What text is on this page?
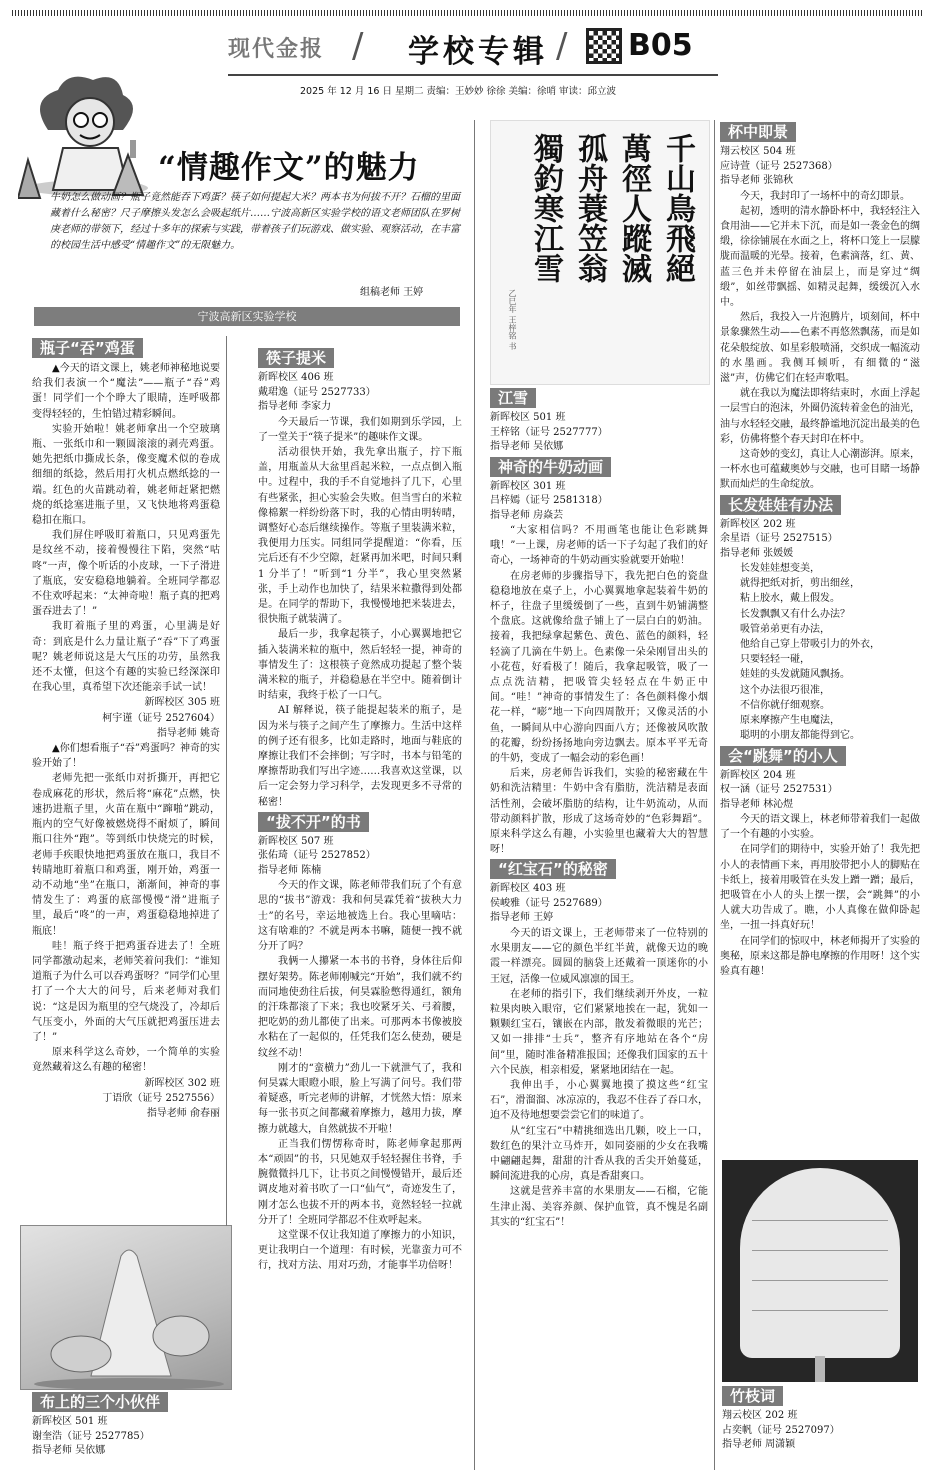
现代金报 / 学校专辑 / B05
2025 年 12 月 16 日 星期二 责编：王妙妙 徐徐 美编：徐哨 审读：邱立波
“情趣作文”的魅力
牛奶怎么做动画？瓶子竟然能吞下鸡蛋？筷子如何提起大米？两本书为何拔不开？石榴的里面藏着什么秘密？尺子摩擦头发怎么会吸起纸片……宁波高新区实验学校的语文老师团队在罗树庚老师的带领下，经过十多年的探索与实践，带着孩子们玩游戏、做实验、观察活动，在丰富的校园生活中感受“情趣作文”的无限魅力。
组稿老师 王婷
宁波高新区实验学校
瓶子“吞”鸡蛋

▲今天的语文课上，姚老师神秘地说要给我们表演一个“魔法”——瓶子“吞”鸡蛋！同学们一个个睁大了眼睛，连呼吸都变得轻轻的，生怕错过精彩瞬间。

实验开始啦！姚老师拿出一个空玻璃瓶、一张纸巾和一颗圆滚滚的剥壳鸡蛋。她先把纸巾撕成长条，像变魔术似的卷成细细的纸捻，然后用打火机点燃纸捻的一端。红色的火苗跳动着，姚老师赶紧把燃烧的纸捻塞进瓶子里，又飞快地将鸡蛋稳稳扣在瓶口。

我们屏住呼吸盯着瓶口，只见鸡蛋先是纹丝不动，接着慢慢往下陷，突然“咕咚”一声，像个听话的小皮球，一下子滑进了瓶底，安安稳稳地躺着。全班同学都忍不住欢呼起来：“太神奇啦！瓶子真的把鸡蛋吞进去了！”

我盯着瓶子里的鸡蛋，心里满是好奇：到底是什么力量让瓶子“吞”下了鸡蛋呢？姚老师说这是大气压的功劳，虽然我还不太懂，但这个有趣的实验已经深深印在我心里，真希望下次还能亲手试一试！

新晖校区 305 班

柯宇谨（证号 2527604）

指导老师 姚奇

▲你们想看瓶子“吞”鸡蛋吗？神奇的实验开始了！

老师先把一张纸巾对折撕开，再把它卷成麻花的形状，然后将“麻花”点燃，快速扔进瓶子里，火苗在瓶中“蹿啪”跳动，瓶内的空气好像被燃烧得不耐烦了，瞬间瓶口往外“跑”。等到纸巾快烧完的时候，老师手疾眼快地把鸡蛋放在瓶口，我目不转睛地盯着瓶口和鸡蛋，刚开始，鸡蛋一动不动地“坐”在瓶口，渐渐间，神奇的事情发生了：鸡蛋的底部慢慢“滑”进瓶子里，最后“咚”的一声，鸡蛋稳稳地掉进了瓶底！

哇！瓶子终于把鸡蛋吞进去了！全班同学都激动起来，老师笑着问我们：“谁知道瓶子为什么可以吞鸡蛋呀？”同学们心里打了一个大大的问号，后来老师对我们说：“这是因为瓶里的空气烧没了，冷却后气压变小，外面的大气压就把鸡蛋压进去了！”

原来科学这么奇妙，一个简单的实验竟然藏着这么有趣的秘密！

新晖校区 302 班

丁语欣（证号 2527556）

指导老师 俞春丽

布上的三个小伙伴

新晖校区 501 班

谢奎浩（证号 2527785）

指导老师 吴依娜

筷子提米

新晖校区 406 班

戴珺逸（证号 2527733）

指导老师 李家力

今天最后一节课，我们如期到乐学园，上了一堂关于“筷子提米”的趣味作文课。

活动很快开始，我先拿出瓶子，拧下瓶盖，用瓶盖从大盆里舀起米粒，一点点倒入瓶中。过程中，我的手不自觉地抖了几下，心里有些紧张，担心实验会失败。但当雪白的米粒像棉絮一样纷纷落下时，我的心情由明转晴，调整好心态后继续操作。等瓶子里装满米粒，我便用力压实。同组同学提醒道：“你看，压完后还有不少空隙，赶紧再加米吧，时间只剩 1 分半了！”听到“1 分半”，我心里突然紧张，手上动作也加快了，结果米粒撒得到处都是。在同学的帮助下，我慢慢地把米装进去，很快瓶子就装满了。

最后一步，我拿起筷子，小心翼翼地把它插入装满米粒的瓶中，然后轻轻一提，神奇的事情发生了：这根筷子竟然成功提起了整个装满米粒的瓶子，并稳稳悬在半空中。随着倒计时结束，我终于松了一口气。

AI 解释说，筷子能提起装米的瓶子，是因为米与筷子之间产生了摩擦力。生活中这样的例子还有很多，比如走路时，地面与鞋底的摩擦让我们不会摔倒；写字时，书本与铅笔的摩擦帮助我们写出字迹……我喜欢这堂课，以后一定会努力学习科学，去发现更多不寻常的秘密！

“拔不开”的书

新晖校区 507 班

张佑琦（证号 2527852）

指导老师 陈楠

今天的作文课，陈老师带我们玩了个有意思的“拔书”游戏：我和何昊霖凭着“拔秧大力士”的名号，幸运地被选上台。我心里嘀咕：这有啥难的？不就是两本书嘛，随便一拽不就分开了吗？

我俩一人攥紧一本书的书脊，身体往后仰摆好架势。陈老师刚喊完“开始”，我们就不约而同地使劲往后拔，何昊霖脸憋得通红，额角的汗珠都滚了下来；我也咬紧牙关、弓着腰，把吃奶的劲儿都使了出来。可那两本书像被胶水粘在了一起似的，任凭我们怎么使劲，硬是纹丝不动！

刚才的“蛮横力”劲儿一下就泄气了，我和何昊霖大眼瞪小眼，脸上写满了问号。我们带着疑惑，听完老师的讲解，才恍然大悟：原来每一张书页之间都藏着摩擦力，越用力拔，摩擦力就越大，自然就拔不开啦！

正当我们愣愣称奇时，陈老师拿起那两本“顽固”的书，只见她双手轻轻握住书脊，手腕微微抖几下，让书页之间慢慢错开，最后还调皮地对着书吹了一口“仙气”，奇迹发生了，刚才怎么也拔不开的两本书，竟然轻轻一拉就分开了！全班同学都忍不住欢呼起来。

这堂课不仅让我知道了摩擦力的小知识，更让我明白一个道理：有时候，光靠蛮力可不行，找对方法、用对巧劲，才能事半功倍呀！

千山鳥飛絕
萬徑人蹤滅
孤舟蓑笠翁
獨釣寒江雪
乙巳年 王梓铭 书
江雪

新晖校区 501 班

王梓铭（证号 2527777）

指导老师 吴依娜

神奇的牛奶动画

新晖校区 301 班

吕梓嫣（证号 2581318）

指导老师 房焱芸

“大家相信吗？不用画笔也能让色彩跳舞哦！”一上课，房老师的话一下子勾起了我们的好奇心，一场神奇的牛奶动画实验就要开始啦！

在房老师的步骤指导下，我先把白色的瓷盘稳稳地放在桌子上，小心翼翼地拿起装着牛奶的杯子，往盘子里缓缓倒了一些，直到牛奶铺满整个盘底。这就像给盘子铺上了一层白白的奶油。接着，我把绿拿起紫色、黄色、蓝色的颜料，轻轻滴了几滴在牛奶上。色素像一朵朵刚冒出头的小花苞，好看极了！随后，我拿起吸管，吸了一点点洗洁精，把吸管尖轻轻点在牛奶正中间。“哇！”神奇的事情发生了：各色颜料像小烟花一样，“嘭”地一下向四周散开；又像灵活的小鱼，一瞬间从中心游向四面八方；还像被风吹散的花瓣，纷纷扬扬地向旁边飘去。原本平平无奇的牛奶，变成了一幅会动的彩色画！

后来，房老师告诉我们，实验的秘密藏在牛奶和洗洁精里：牛奶中含有脂肪，洗洁精是表面活性剂，会破坏脂肪的结构，让牛奶流动，从而带动颜料扩散，形成了这场奇妙的“色彩舞蹈”。原来科学这么有趣，小实验里也藏着大大的智慧呀！

“红宝石”的秘密

新晖校区 403 班

侯峻雅（证号 2527689）

指导老师 王婷

今天的语文课上，王老师带来了一位特别的水果朋友——它的颜色半红半黄，就像天边的晚霞一样漂亮。圆圆的脑袋上还戴着一顶迷你的小王冠，活像一位威风凛凛的国王。

在老师的指引下，我们继续剥开外皮，一粒粒果肉映入眼帘，它们紧紧地挨在一起，犹如一颗颗红宝石，镶嵌在内部，散发着微眼的光芒；又如一排排“士兵”，整齐有序地站在各个“房间”里，随时准备精准报国；还像我们国家的五十六个民族，相亲相爱，紧紧地团结在一起。

我伸出手，小心翼翼地摸了摸这些“红宝石”，滑溜溜、冰凉凉的，我忍不住吞了吞口水，迫不及待地想要尝尝它们的味道了。

从“红宝石”中精挑细选出几颗，咬上一口，数红色的果汁立马炸开，如同姿丽的少女在我嘴中翩翩起舞，甜甜的汁香从我的舌尖开始蔓延，瞬间流进我的心房，真是香甜爽口。

这就是营养丰富的水果朋友——石榴，它能生津止渴、美容养颜、保护血管，真不愧是名副其实的“红宝石”！

杯中即景

翔云校区 504 班

应诗萱（证号 2527368）

指导老师 张锦秋

今天，我封印了一场杯中的奇幻即景。

起初，透明的清水静卧杯中，我轻轻注入食用油——它并未下沉，而是如一袭金色的绸缎，徐徐铺展在水面之上，将杯口笼上一层朦胧而温暖的光晕。接着，色素滴落，红、黄、蓝三色并未停留在油层上，而是穿过“绸缎”，如丝带飘摇、如精灵起舞，缓缓沉入水中。

然后，我投入一片泡腾片，顷刻间，杯中景象骤然生动——色素不再悠然飘荡，而是如花朵般绽放、如星彩般喷涌，交织成一幅流动的水墨画。我侧耳倾听，有细微的“滋滋”声，仿佛它们在轻声歌唱。

就在我以为魔法即将结束时，水面上浮起一层雪白的泡沫，外圈仍流转着金色的油光，油与水轻轻交融，最终静谧地沉淀出最美的色彩，仿佛将整个春天封印在杯中。

这奇妙的变幻，真让人心潮澎湃。原来，一杯水也可蕴藏奥妙与交融，也可目睹一场静默而灿烂的生命绽放。

长发娃娃有办法

新晖校区 202 班

余星语（证号 2527515）

指导老师 张媛媛

长发娃娃想变美，

就得把纸对折，剪出细丝，

粘上胶水，戴上假发。

长发飘飘又有什么办法？

吸管弟弟更有办法，

他给自己穿上带吸引力的外衣，

只要轻轻一碰，

娃娃的头发就随风飘扬。

这个办法很巧很准，

不信你就仔细观察。

原来摩擦产生电魔法，

聪明的小朋友都能得到它。

会“跳舞”的小人

新晖校区 204 班

权一涵（证号 2527531）

指导老师 林沁煜

今天的语文课上，林老师带着我们一起做了一个有趣的小实验。

在同学们的期待中，实验开始了！我先把小人的表情画下来，再用胶带把小人的脚贴在卡纸上，接着用吸管在头发上蹭一蹭；最后，把吸管在小人的头上摆一摆，会“跳舞”的小人就大功告成了。瞧，小人真像在做仰卧起坐，一扭一抖真好玩！

在同学们的惊叹中，林老师揭开了实验的奥秘，原来这都是静电摩擦的作用呀！这个实验真有趣！

竹枝词

翔云校区 202 班

占奕帆（证号 2527097）

指导老师 周潇颖
